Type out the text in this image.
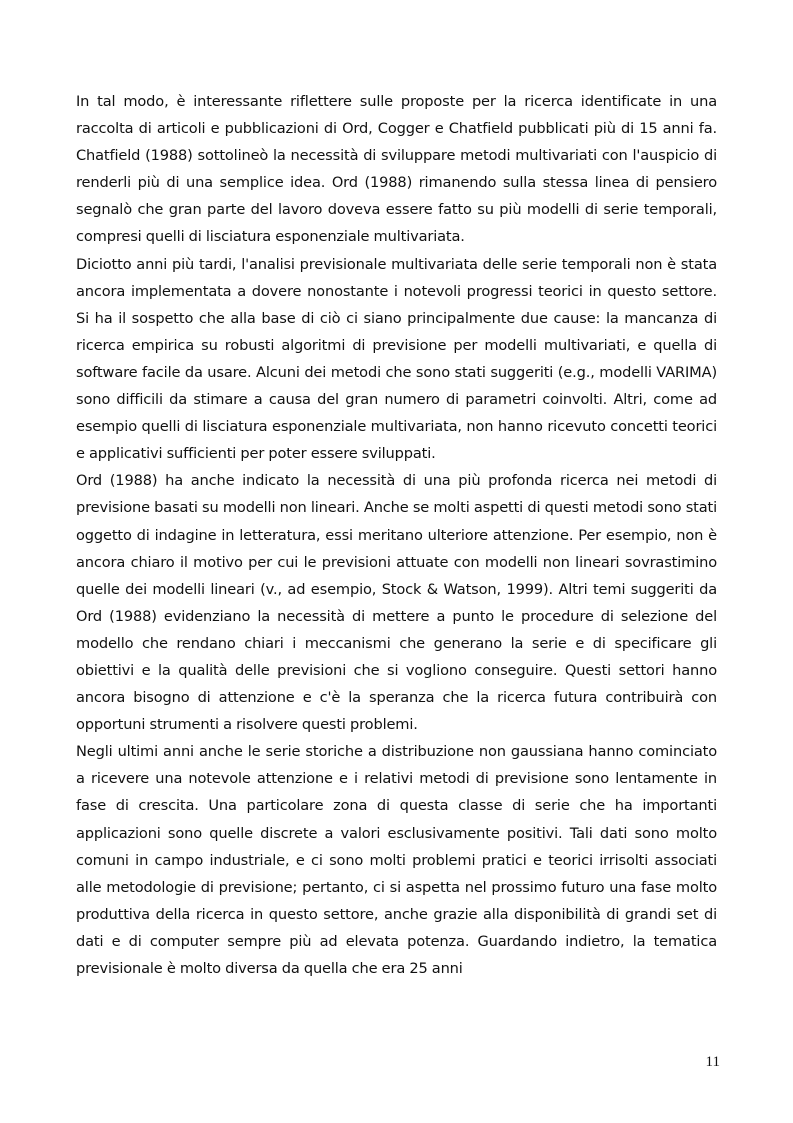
In tal modo, è interessante riflettere sulle proposte per la ricerca identificate in una raccolta di articoli e pubblicazioni di Ord, Cogger e Chatfield pubblicati più di 15 anni fa. Chatfield (1988) sottolineò la necessità di sviluppare metodi multivariati con l'auspicio di renderli più di una semplice idea. Ord (1988) rimanendo sulla stessa linea di pensiero segnalò che gran parte del lavoro doveva essere fatto su più modelli di serie temporali, compresi quelli di lisciatura esponenziale multivariata.

Diciotto anni più tardi, l'analisi previsionale multivariata delle serie temporali non è stata ancora implementata a dovere nonostante i notevoli progressi teorici in questo settore. Si ha il sospetto che alla base di ciò ci siano principalmente due cause: la mancanza di ricerca empirica su robusti algoritmi di previsione per modelli multivariati, e quella di software facile da usare. Alcuni dei metodi che sono stati suggeriti (e.g., modelli VARIMA) sono difficili da stimare a causa del gran numero di parametri coinvolti. Altri, come ad esempio quelli di lisciatura esponenziale multivariata, non hanno ricevuto concetti teorici e applicativi sufficienti per poter essere sviluppati.

Ord (1988) ha anche indicato la necessità di una più profonda ricerca nei metodi di previsione basati su modelli non lineari. Anche se molti aspetti di questi metodi sono stati oggetto di indagine in letteratura, essi meritano ulteriore attenzione. Per esempio, non è ancora chiaro il motivo per cui le previsioni attuate con modelli non lineari sovrastimino quelle dei modelli lineari (v., ad esempio, Stock & Watson, 1999). Altri temi suggeriti da Ord (1988) evidenziano la necessità di mettere a punto le procedure di selezione del modello che rendano chiari i meccanismi che generano la serie e di specificare gli obiettivi e la qualità delle previsioni che si vogliono conseguire. Questi settori hanno ancora bisogno di attenzione e c'è la speranza che la ricerca futura contribuirà con opportuni strumenti a risolvere questi problemi.

Negli ultimi anni anche le serie storiche a distribuzione non gaussiana hanno cominciato a ricevere una notevole attenzione e i relativi metodi di previsione sono lentamente in fase di crescita. Una particolare zona di questa classe di serie che ha importanti applicazioni sono quelle discrete a valori esclusivamente positivi. Tali dati sono molto comuni in campo industriale, e ci sono molti problemi pratici e teorici irrisolti associati alle metodologie di previsione; pertanto, ci si aspetta nel prossimo futuro una fase molto produttiva della ricerca in questo settore, anche grazie alla disponibilità di grandi set di dati e di computer sempre più ad elevata potenza. Guardando indietro, la tematica previsionale è molto diversa da quella che era 25 anni

11
